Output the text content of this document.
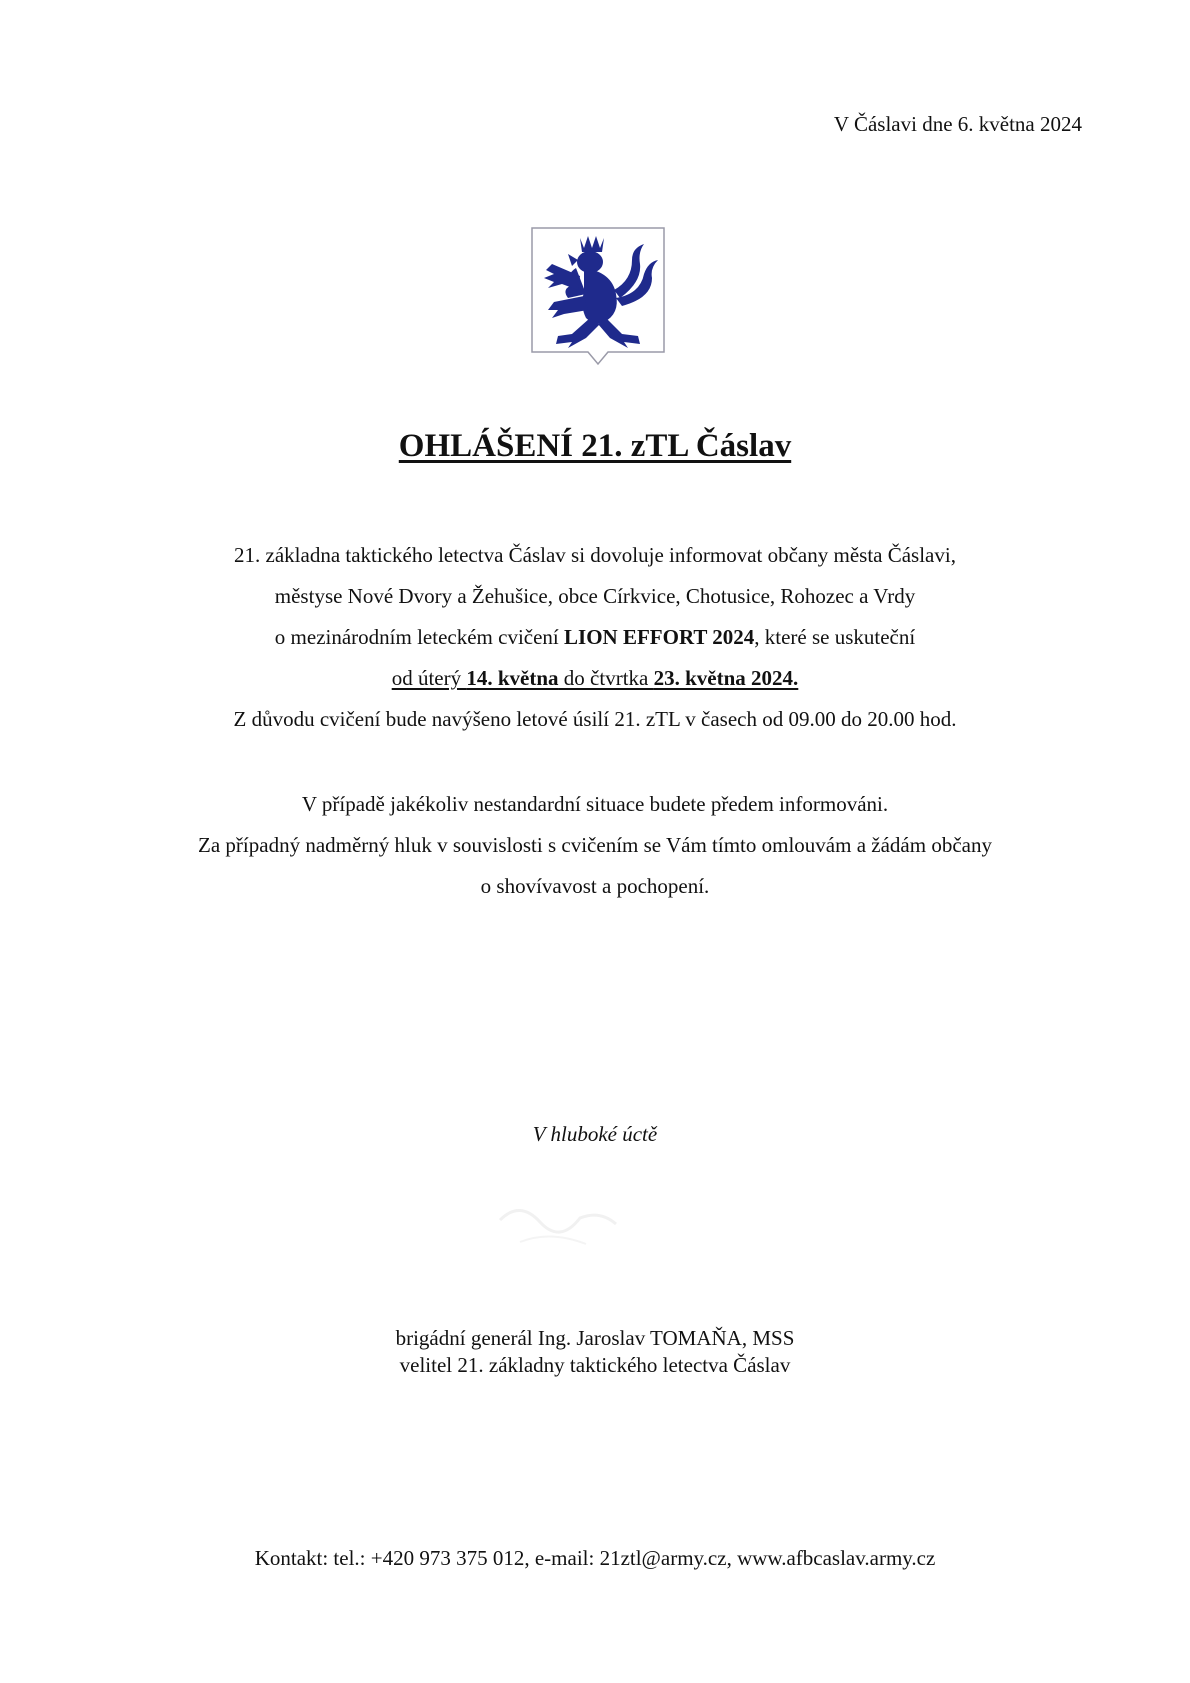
V Čáslavi dne 6. května 2024
OHLÁŠENÍ 21. zTL Čáslav
21. základna taktického letectva Čáslav si dovoluje informovat občany města Čáslavi,
městyse Nové Dvory a Žehušice, obce Církvice, Chotusice, Rohozec a Vrdy
o mezinárodním leteckém cvičení LION EFFORT 2024, které se uskuteční
od úterý 14. května do čtvrtka 23. května 2024.
Z důvodu cvičení bude navýšeno letové úsilí 21. zTL v časech od 09.00 do 20.00 hod.
V případě jakékoliv nestandardní situace budete předem informováni.
Za případný nadměrný hluk v souvislosti s cvičením se Vám tímto omlouvám a žádám občany
o shovívavost a pochopení.
V hluboké úctě
brigádní generál Ing. Jaroslav TOMAŇA, MSS
velitel 21. základny taktického letectva Čáslav
Kontakt: tel.: +420 973 375 012, e-mail: 21ztl@army.cz, www.afbcaslav.army.cz
